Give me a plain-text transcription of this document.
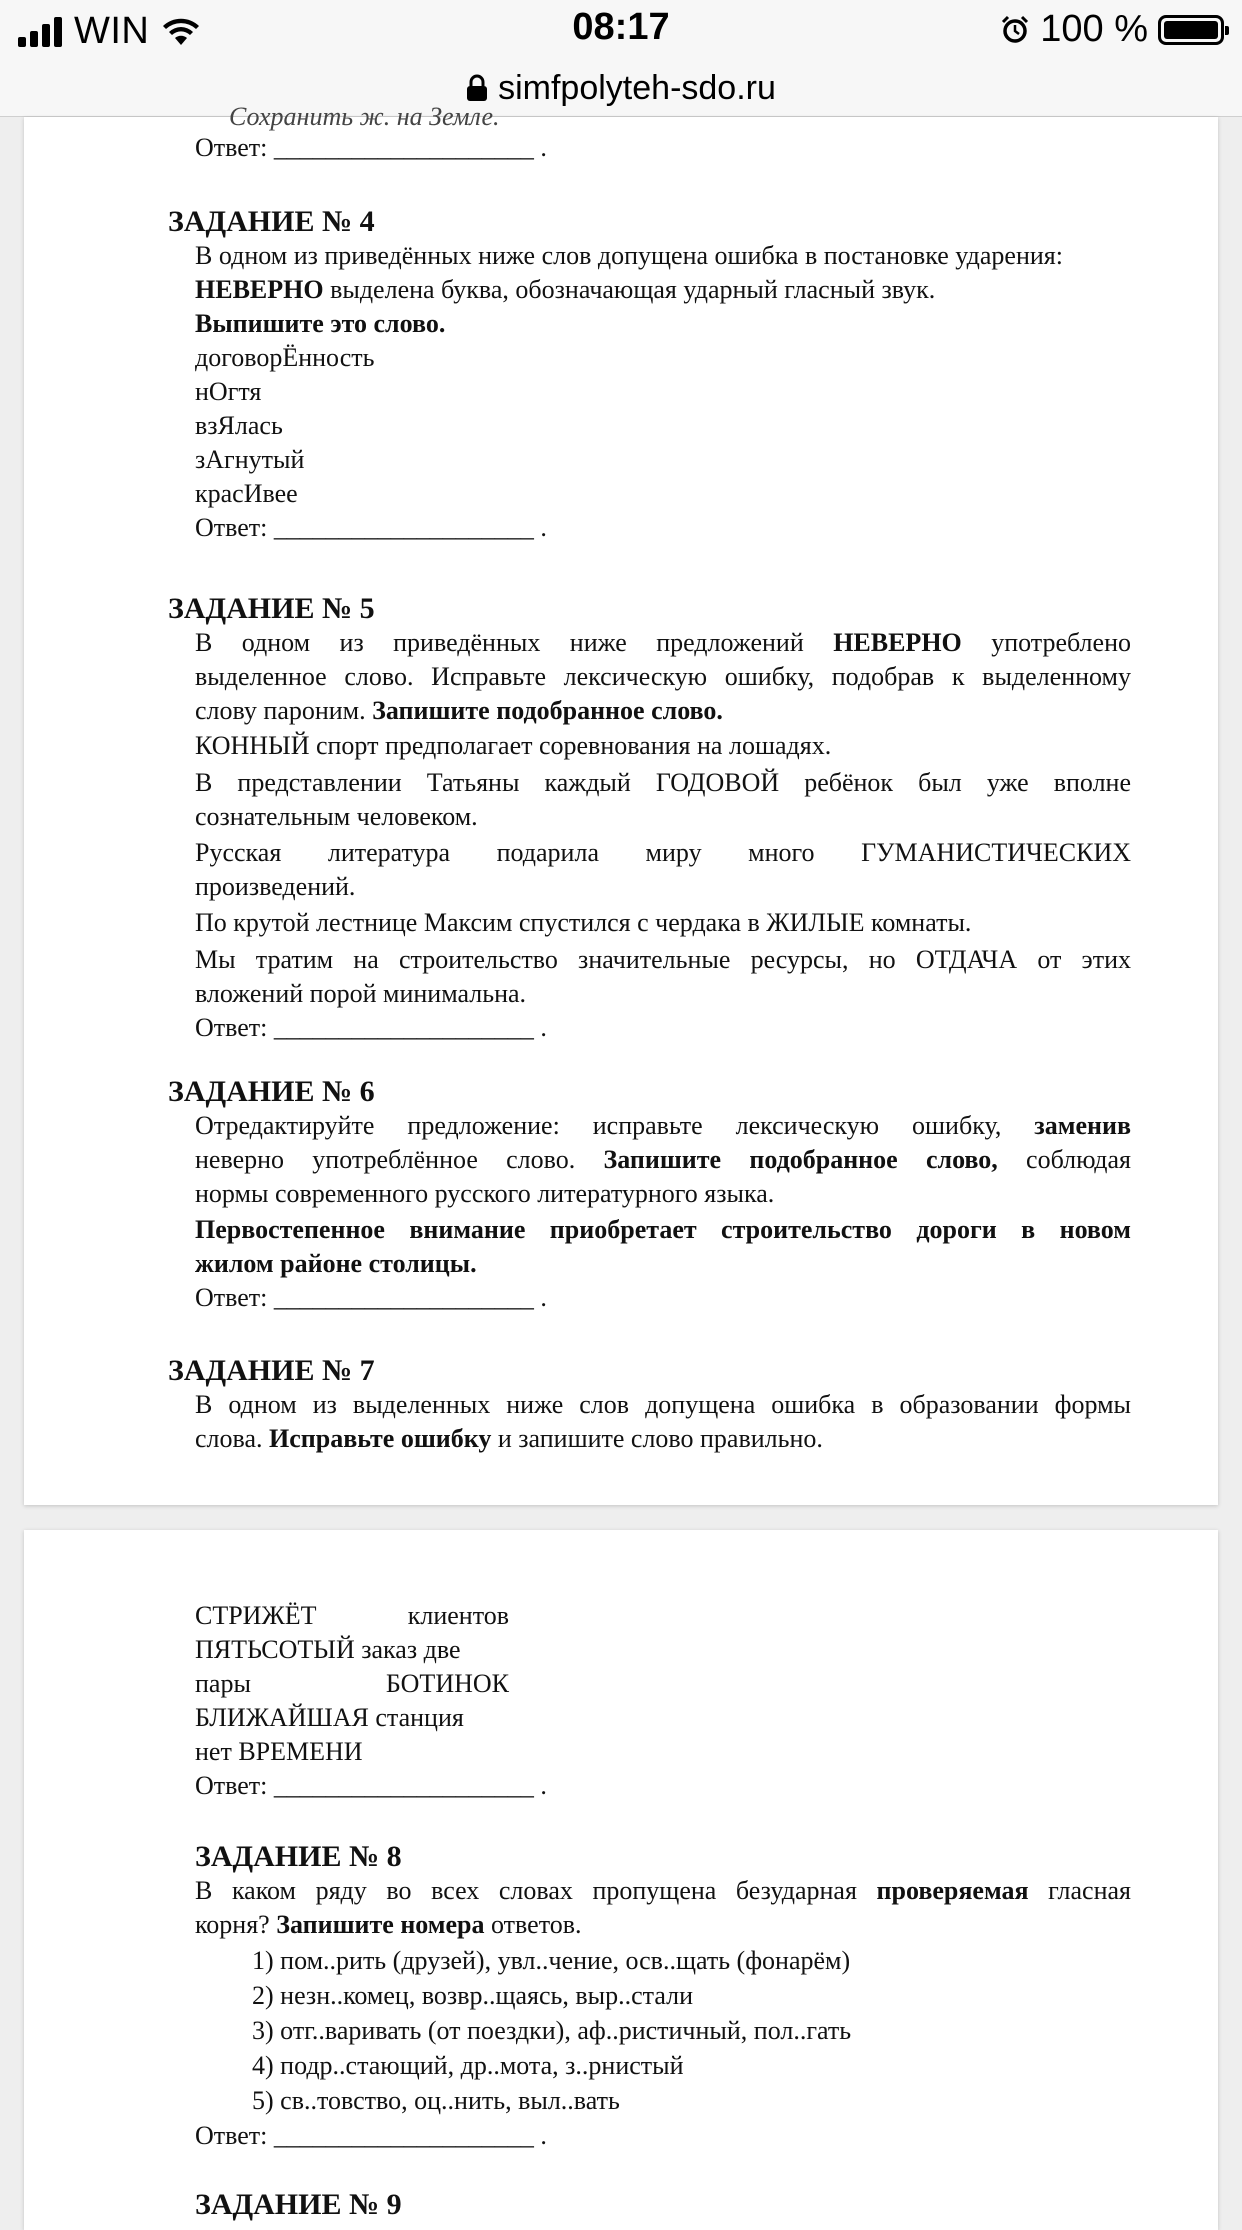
WIN	08:17	100 %
simfpolyteh-sdo.ru
Сохранить ж. на Земле.
Ответ: ____________________ .
ЗАДАНИЕ № 4
В одном из приведённых ниже слов допущена ошибка в постановке ударения:
НЕВЕРНО выделена буква, обозначающая ударный гласный звук.
Выпишите это слово.
договорЁнность
нОгтя
взЯлась
зАгнутый
красИвее
Ответ: ____________________ .
ЗАДАНИЕ № 5
В одном из приведённых ниже предложений НЕВЕРНО употреблено
выделенное слово. Исправьте лексическую ошибку, подобрав к выделенному
слову пароним. Запишите подобранное слово.
КОННЫЙ спорт предполагает соревнования на лошадях.
В представлении Татьяны каждый ГОДОВОЙ ребёнок был уже вполне
сознательным человеком.
Русская литература подарила миру много ГУМАНИСТИЧЕСКИХ
произведений.
По крутой лестнице Максим спустился с чердака в ЖИЛЫЕ комнаты.
Мы тратим на строительство значительные ресурсы, но ОТДАЧА от этих
вложений порой минимальна.
Ответ: ____________________ .
ЗАДАНИЕ № 6
Отредактируйте предложение: исправьте лексическую ошибку, заменив
неверно употреблённое слово. Запишите подобранное слово, соблюдая
нормы современного русского литературного языка.
Первостепенное внимание приобретает строительство дороги в новом
жилом районе столицы.
Ответ: ____________________ .
ЗАДАНИЕ № 7
В одном из выделенных ниже слов допущена ошибка в образовании формы
слова. Исправьте ошибку и запишите слово правильно.
СТРИЖЁТ клиентов
ПЯТЬСОТЫЙ заказ две
пары БОТИНОК
БЛИЖАЙШАЯ станция
нет ВРЕМЕНИ
Ответ: ____________________ .
ЗАДАНИЕ № 8
В каком ряду во всех словах пропущена безударная проверяемая гласная
корня? Запишите номера ответов.
1) пом..рить (друзей), увл..чение, осв..щать (фонарём)
2) незн..комец, возвр..щаясь, выр..стали
3) отг..варивать (от поездки), аф..ристичный, пол..гать
4) подр..стающий, др..мота, з..рнистый
5) св..товство, оц..нить, выл..вать
Ответ: ____________________ .
ЗАДАНИЕ № 9
